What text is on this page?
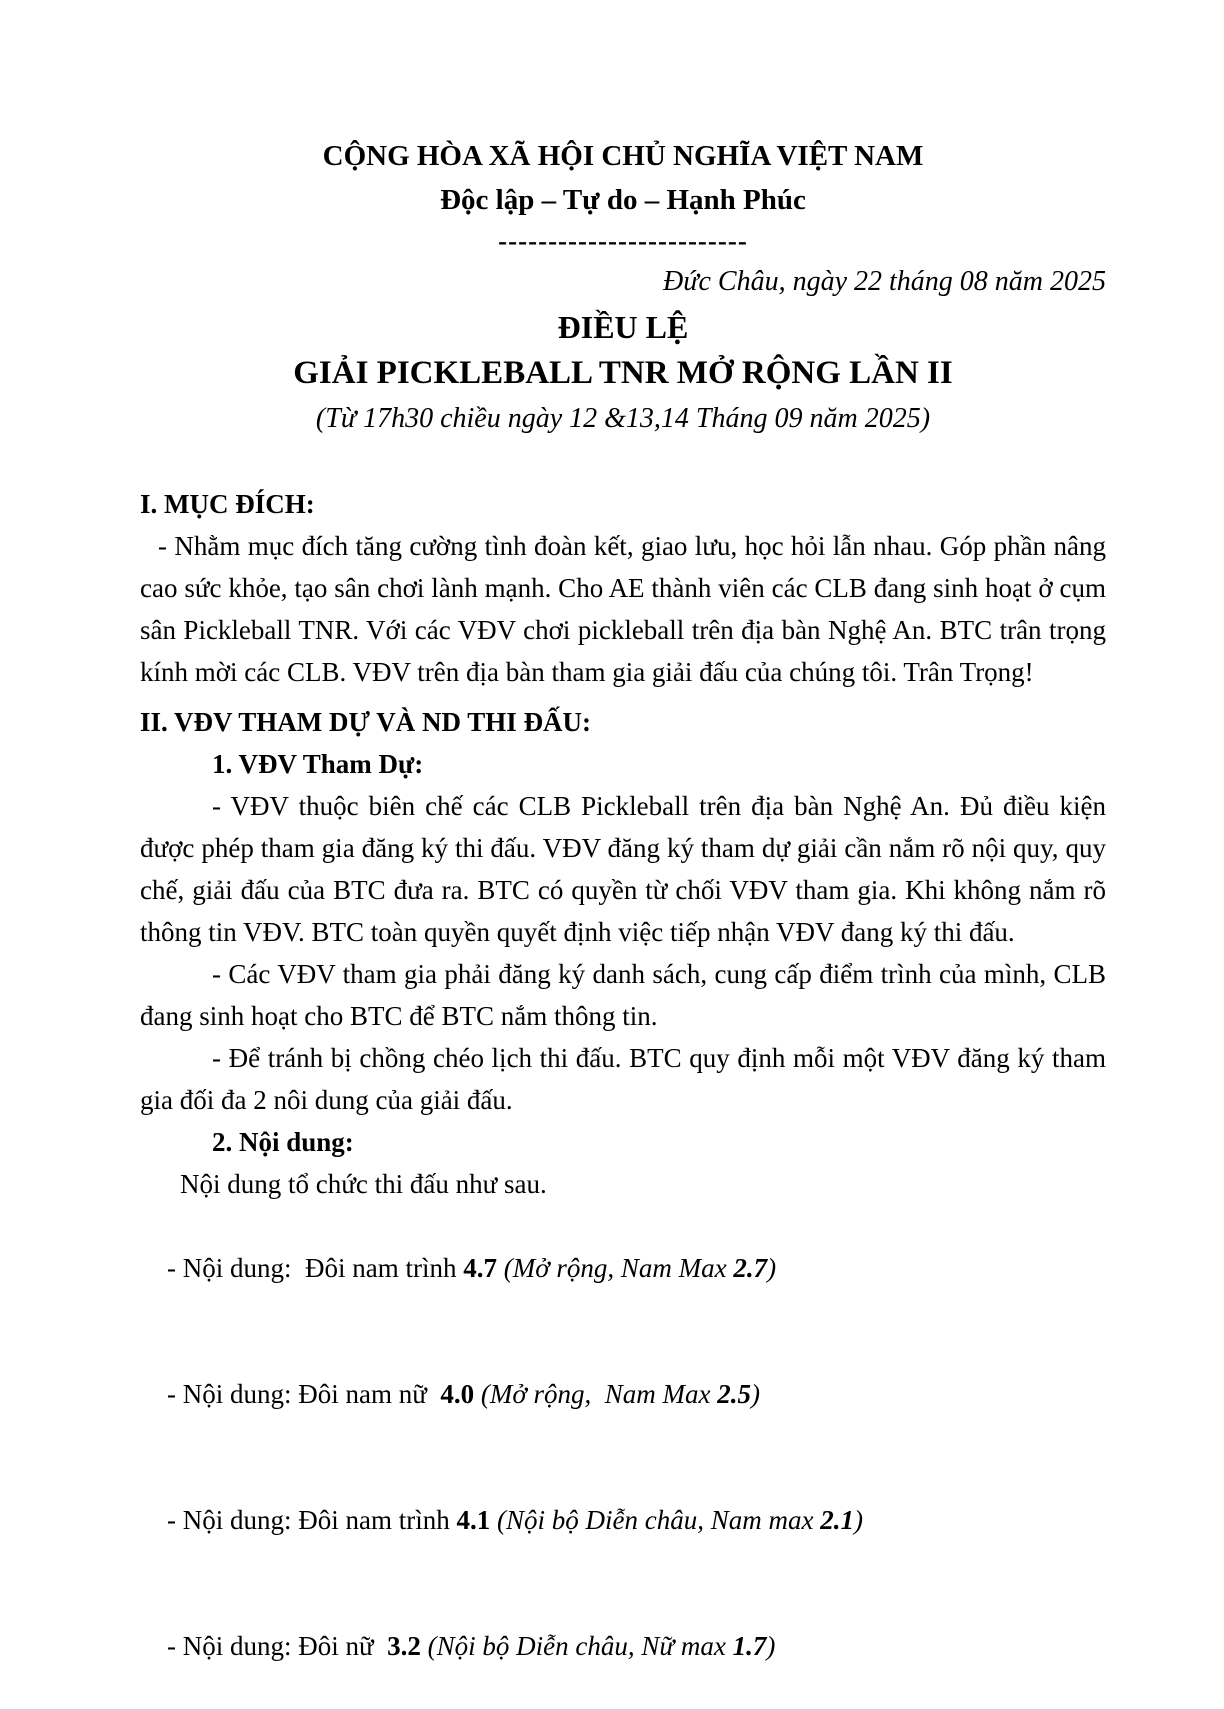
CỘNG HÒA XÃ HỘI CHỦ NGHĨA VIỆT NAM
Độc lập – Tự do – Hạnh Phúc
-------------------------
Đức Châu, ngày 22 tháng 08 năm 2025
ĐIỀU LỆ
GIẢI PICKLEBALL TNR MỞ RỘNG LẦN II
(Từ 17h30 chiều ngày 12 &13,14 Tháng 09 năm 2025)
I. MỤC ĐÍCH:
- Nhằm mục đích tăng cường tình đoàn kết, giao lưu, học hỏi lẫn nhau. Góp phần nâng cao sức khỏe, tạo sân chơi lành mạnh. Cho AE thành viên các CLB đang sinh hoạt ở cụm sân Pickleball TNR. Với các VĐV chơi pickleball trên địa bàn Nghệ An. BTC trân trọng kính mời các CLB. VĐV trên địa bàn tham gia giải đấu của chúng tôi. Trân Trọng!
II. VĐV THAM DỰ VÀ ND THI ĐẤU:
1. VĐV Tham Dự:
- VĐV thuộc biên chế các CLB Pickleball trên địa bàn Nghệ An. Đủ điều kiện được phép tham gia đăng ký thi đấu. VĐV đăng ký tham dự giải cần nắm rõ nội quy, quy chế, giải đấu của BTC đưa ra. BTC có quyền từ chối VĐV tham gia. Khi không nắm rõ thông tin VĐV. BTC toàn quyền quyết định việc tiếp nhận VĐV đang ký thi đấu.
- Các VĐV tham gia phải đăng ký danh sách, cung cấp điểm trình của mình, CLB đang sinh hoạt cho BTC để BTC nắm thông tin.
- Để tránh bị chồng chéo lịch thi đấu. BTC quy định mỗi một VĐV đăng ký tham gia đối đa 2 nôi dung của giải đấu.
2. Nội dung:
Nội dung tổ chức thi đấu như sau.

- Nội dung:  Đôi nam trình 4.7 (Mở rộng, Nam Max 2.7)

- Nội dung: Đôi nam nữ  4.0 (Mở rộng,  Nam Max 2.5)

- Nội dung: Đôi nam trình 4.1 (Nội bộ Diễn châu, Nam max 2.1)

- Nội dung: Đôi nữ  3.2 (Nội bộ Diễn châu, Nữ max 1.7)
